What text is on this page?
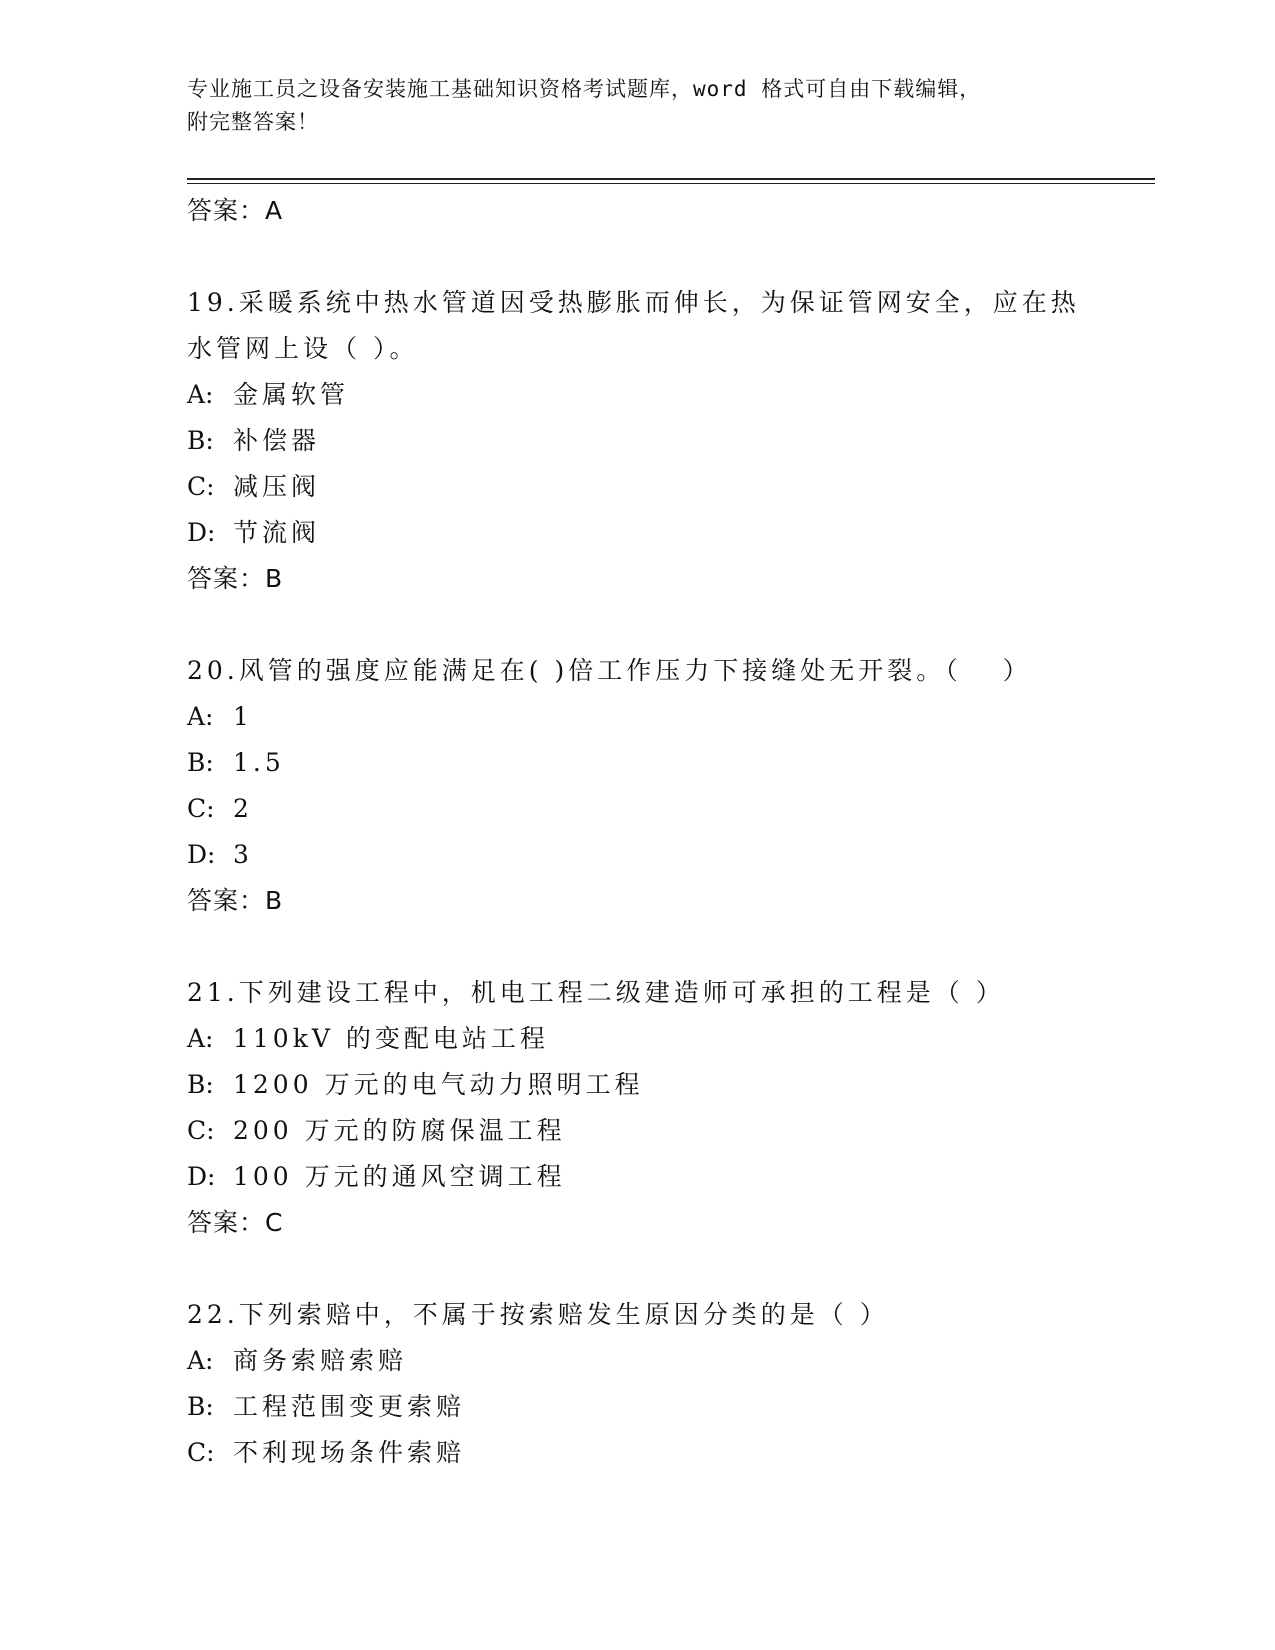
专业施工员之设备安装施工基础知识资格考试题库，word 格式可自由下载编辑，
附完整答案！
答案：A
19.采暖系统中热水管道因受热膨胀而伸长，为保证管网安全，应在热
水管网上设（ ）。
A: 金属软管
B: 补偿器
C: 减压阀
D: 节流阀
答案：B
20.风管的强度应能满足在( )倍工作压力下接缝处无开裂。（　 ）
A: 1
B: 1.5
C: 2
D: 3
答案：B
21.下列建设工程中，机电工程二级建造师可承担的工程是（ ）
A: 110kV 的变配电站工程
B: 1200 万元的电气动力照明工程
C: 200 万元的防腐保温工程
D: 100 万元的通风空调工程
答案：C
22.下列索赔中，不属于按索赔发生原因分类的是（ ）
A: 商务索赔索赔
B: 工程范围变更索赔
C: 不利现场条件索赔
